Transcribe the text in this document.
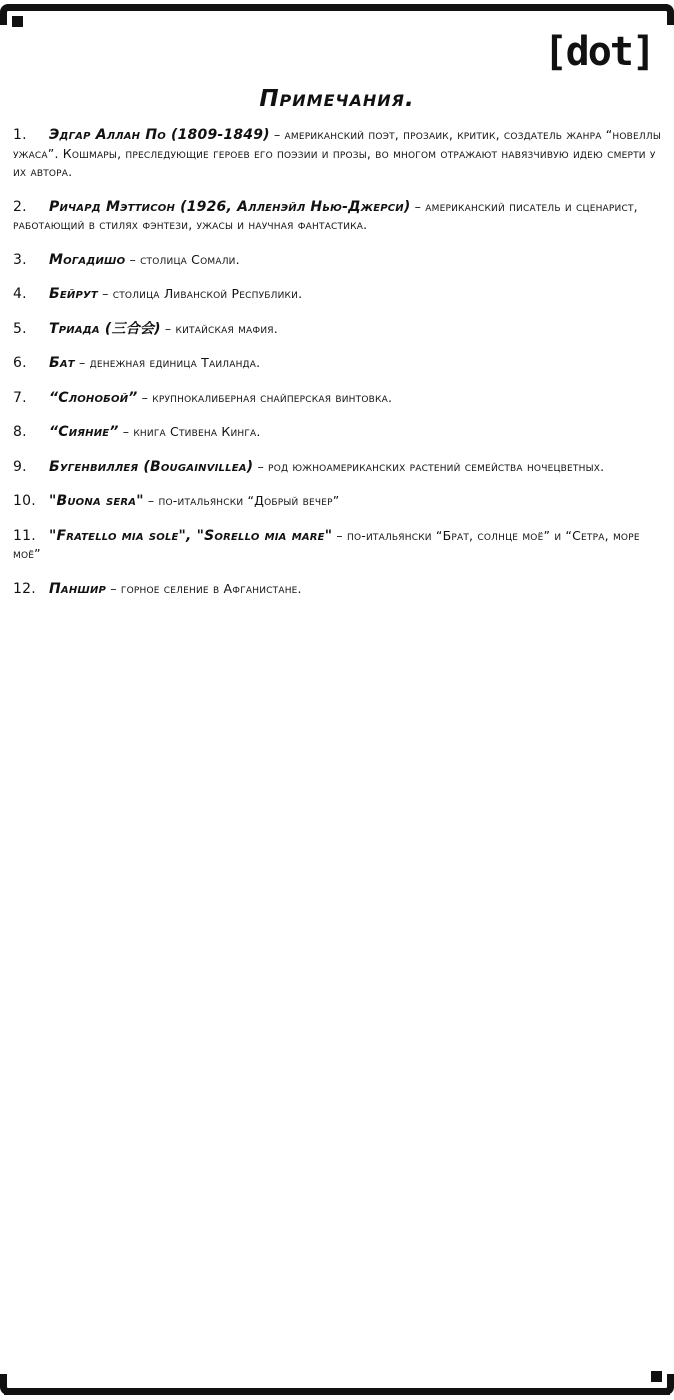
[dot]
Примечания.
1. Эдгар Аллан По (1809-1849) – американский поэт, прозаик, критик, создатель жанра “новеллы ужаса”. Кошмары, преследующие героев его поэзии и прозы, во многом отражают навязчивую идею смерти у их автора.
2. Ричард Мэттисон (1926, Алленэйл Нью-Джерси) – американский писатель и сценарист, работающий в стилях фэнтези, ужасы и научная фантастика.
3. Могадишо – столица Сомали.
4. Бейрут – столица Ливанской Республики.
5. Триада (三合会) – китайская мафия.
6. Бат – денежная единица Таиланда.
7. “Слонобой” – крупнокалиберная снайперская винтовка.
8. “Сияние” – книга Стивена Кинга.
9. Бугенвиллея (Bougainvillea) – род южноамериканских растений семейства ночецветных.
10. "Buona sera" – по-итальянски “Добрый вечер”
11. "Fratello mia sole", "Sorello mia mare" – по-итальянски “Брат, солнце моё” и “Сетра, море моё”
12. Паншир – горное селение в Афганистане.
